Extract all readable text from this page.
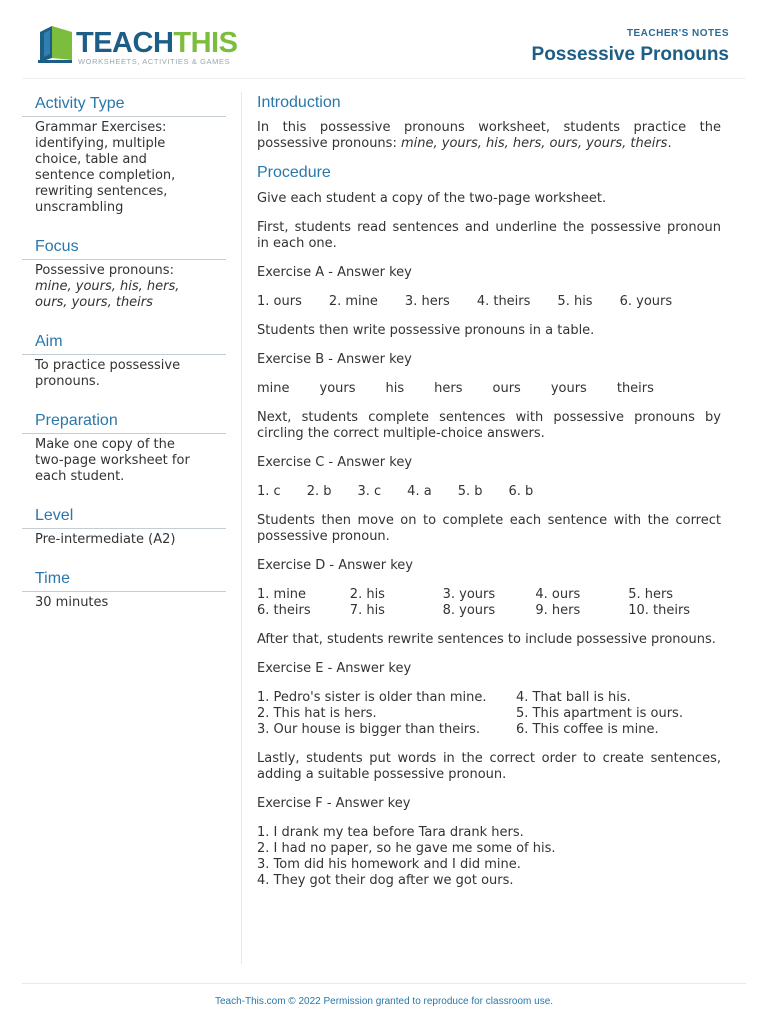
TEACHTHIS
WORKSHEETS, ACTIVITIES & GAMES
TEACHER'S NOTES
Possessive Pronouns
Activity Type
Grammar Exercises:
identifying, multiple
choice, table and
sentence completion,
rewriting sentences,
unscrambling
Focus
Possessive pronouns:
mine, yours, his, hers,
ours, yours, theirs
Aim
To practice possessive
pronouns.
Preparation
Make one copy of the
two-page worksheet for
each student.
Level
Pre-intermediate (A2)
Time
30 minutes
Introduction
In this possessive pronouns worksheet, students practice the possessive pronouns: mine, yours, his, hers, ours, yours, theirs.
Procedure
Give each student a copy of the two-page worksheet.
First, students read sentences and underline the possessive pronoun in each one.
Exercise A - Answer key
1. ours 2. mine 3. hers 4. theirs 5. his 6. yours
Students then write possessive pronouns in a table.
Exercise B - Answer key
mine yours his hers ours yours theirs
Next, students complete sentences with possessive pronouns by circling the correct multiple-choice answers.
Exercise C - Answer key
1. c 2. b 3. c 4. a 5. b 6. b
Students then move on to complete each sentence with the correct possessive pronoun.
Exercise D - Answer key
1. mine	2. his	3. yours	4. ours	5. hers
6. theirs	7. his	8. yours	9. hers	10. theirs
After that, students rewrite sentences to include possessive pronouns.
Exercise E - Answer key
1. Pedro's sister is older than mine.	4. That ball is his.
2. This hat is hers.	5. This apartment is ours.
3. Our house is bigger than theirs.	6. This coffee is mine.
Lastly, students put words in the correct order to create sentences, adding a suitable possessive pronoun.
Exercise F - Answer key
1. I drank my tea before Tara drank hers.
2. I had no paper, so he gave me some of his.
3. Tom did his homework and I did mine.
4. They got their dog after we got ours.
Teach-This.com © 2022 Permission granted to reproduce for classroom use.
